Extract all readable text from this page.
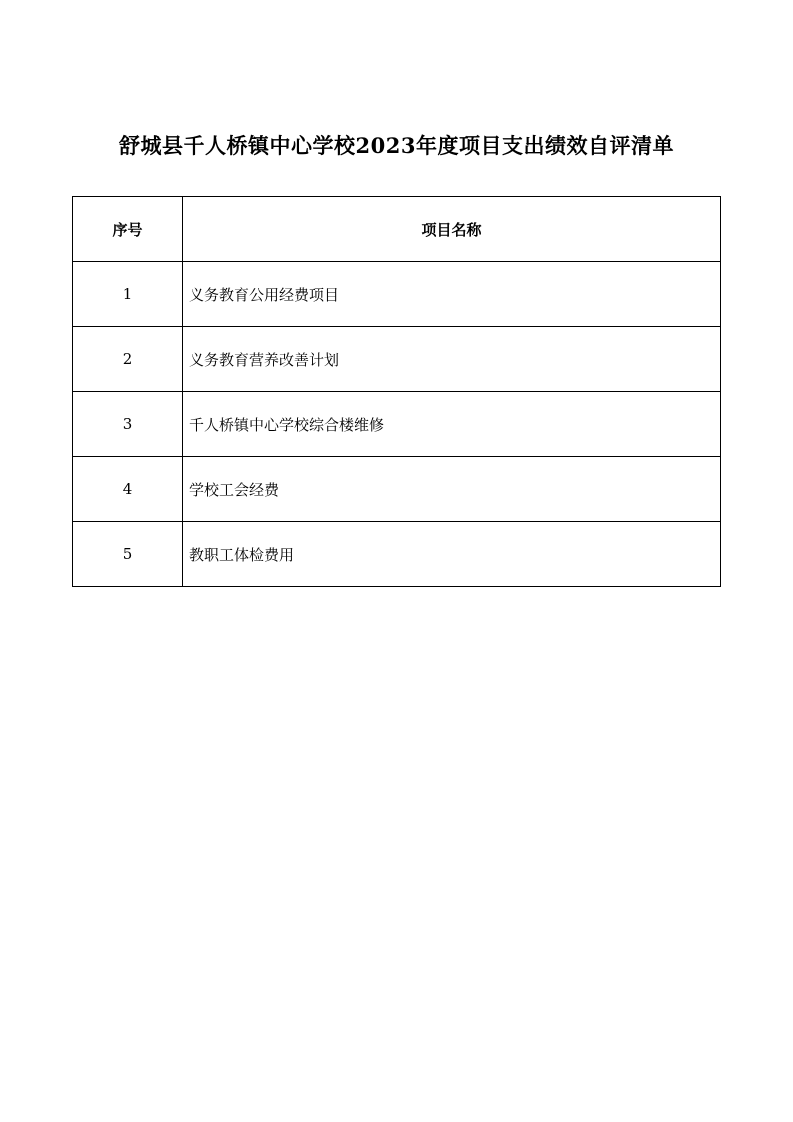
舒城县千人桥镇中心学校2023年度项目支出绩效自评清单
序号	项目名称
1	义务教育公用经费项目
2	义务教育营养改善计划
3	千人桥镇中心学校综合楼维修
4	学校工会经费
5	教职工体检费用
